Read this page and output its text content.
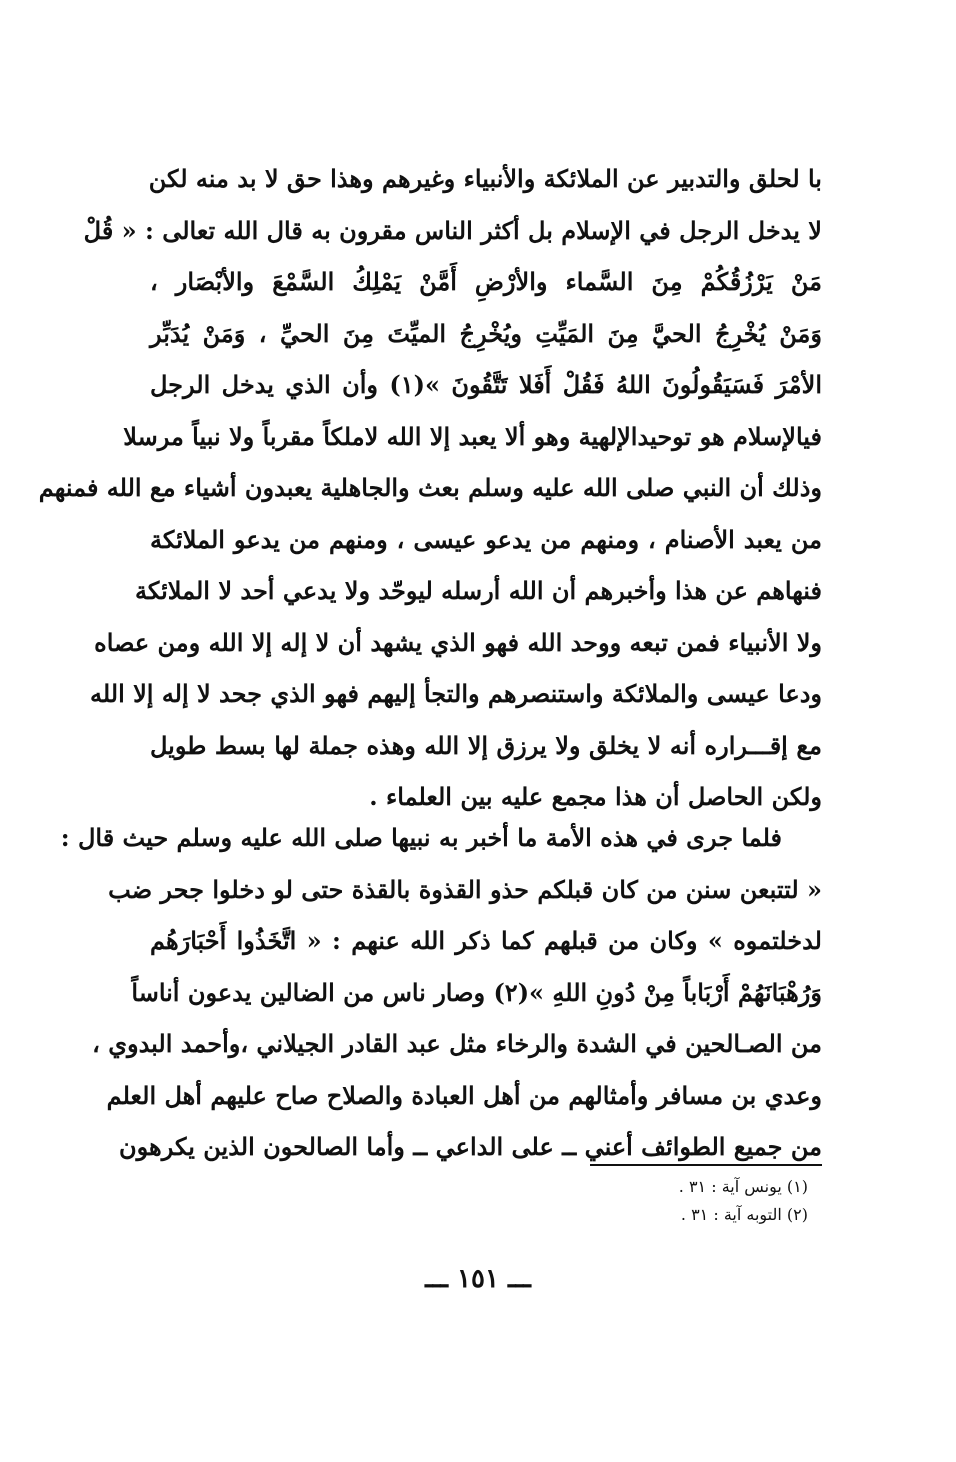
با لحلق والتدبير عن الملائكة والأنبياء وغيرهم وهذا حق لا بد منه لكن
لا يدخل الرجل في الإسلام بل أكثر الناس مقرون به قال الله تعالى : « قُلْ
مَنْ يَرْزُقُكُمْ مِنَ السَّماء والأرْضِ أَمَّنْ يَمْلِكُ السَّمْعَ والأبْصَار ،
وَمَنْ يُخْرِجُ الحيَّ مِنَ المَيِّتِ ويُخْرِجُ الميِّتَ مِنَ الحيِّ ، وَمَنْ يُدَبِّر
الأمْرَ فَسَيَقُولُونَ اللهُ فَقُلْ أَفَلا تَتَّقُونَ »(١) وأن الذي يدخل الرجل
فيالإسلام هو توحيدالإلهية وهو ألا يعبد إلا الله لاملكاً مقرباً ولا نبياً مرسلا
وذلك أن النبي صلى الله عليه وسلم بعث والجاهلية يعبدون أشياء مع الله فمنهم
من يعبد الأصنام ، ومنهم من يدعو عيسى ، ومنهم من يدعو الملائكة
فنهاهم عن هذا وأخبرهم أن الله أرسله ليوحّد ولا يدعي أحد لا الملائكة
ولا الأنبياء فمن تبعه ووحد الله فهو الذي يشهد أن لا إله إلا الله ومن عصاه
ودعا عيسى والملائكة واستنصرهم والتجأ إليهم فهو الذي جحد لا إله إلا الله
مع إقـــراره أنه لا يخلق ولا يرزق إلا الله وهذه جملة لها بسط طويل
ولكن الحاصل أن هذا مجمع عليه بين العلماء .
فلما جرى في هذه الأمة ما أخبر به نبيها صلى الله عليه وسلم حيث قال :
« لتتبعن سنن من كان قبلكم حذو القذوة بالقذة حتى لو دخلوا جحر ضب
لدخلتموه » وكان من قبلهم كما ذكر الله عنهم : « اتَّخَذُوا أَحْبَارَهُم
وَرُهْبَانَهُمْ أَرْبَاباً مِنْ دُونِ اللهِ »(٢) وصار ناس من الضالين يدعون أناساً
من الصـالحين في الشدة والرخاء مثل عبد القادر الجيلاني ،وأحمد البدوي ،
وعدي بن مسافر وأمثالهم من أهل العبادة والصلاح صاح عليهم أهل العلم
من جميع الطوائف أعني ــ على الداعي ــ وأما الصالحون الذين يكرهون
(١) يونس آية : ٣١ .
(٢) التوبه آية : ٣١ .
ـــ ١٥١ ـــ
